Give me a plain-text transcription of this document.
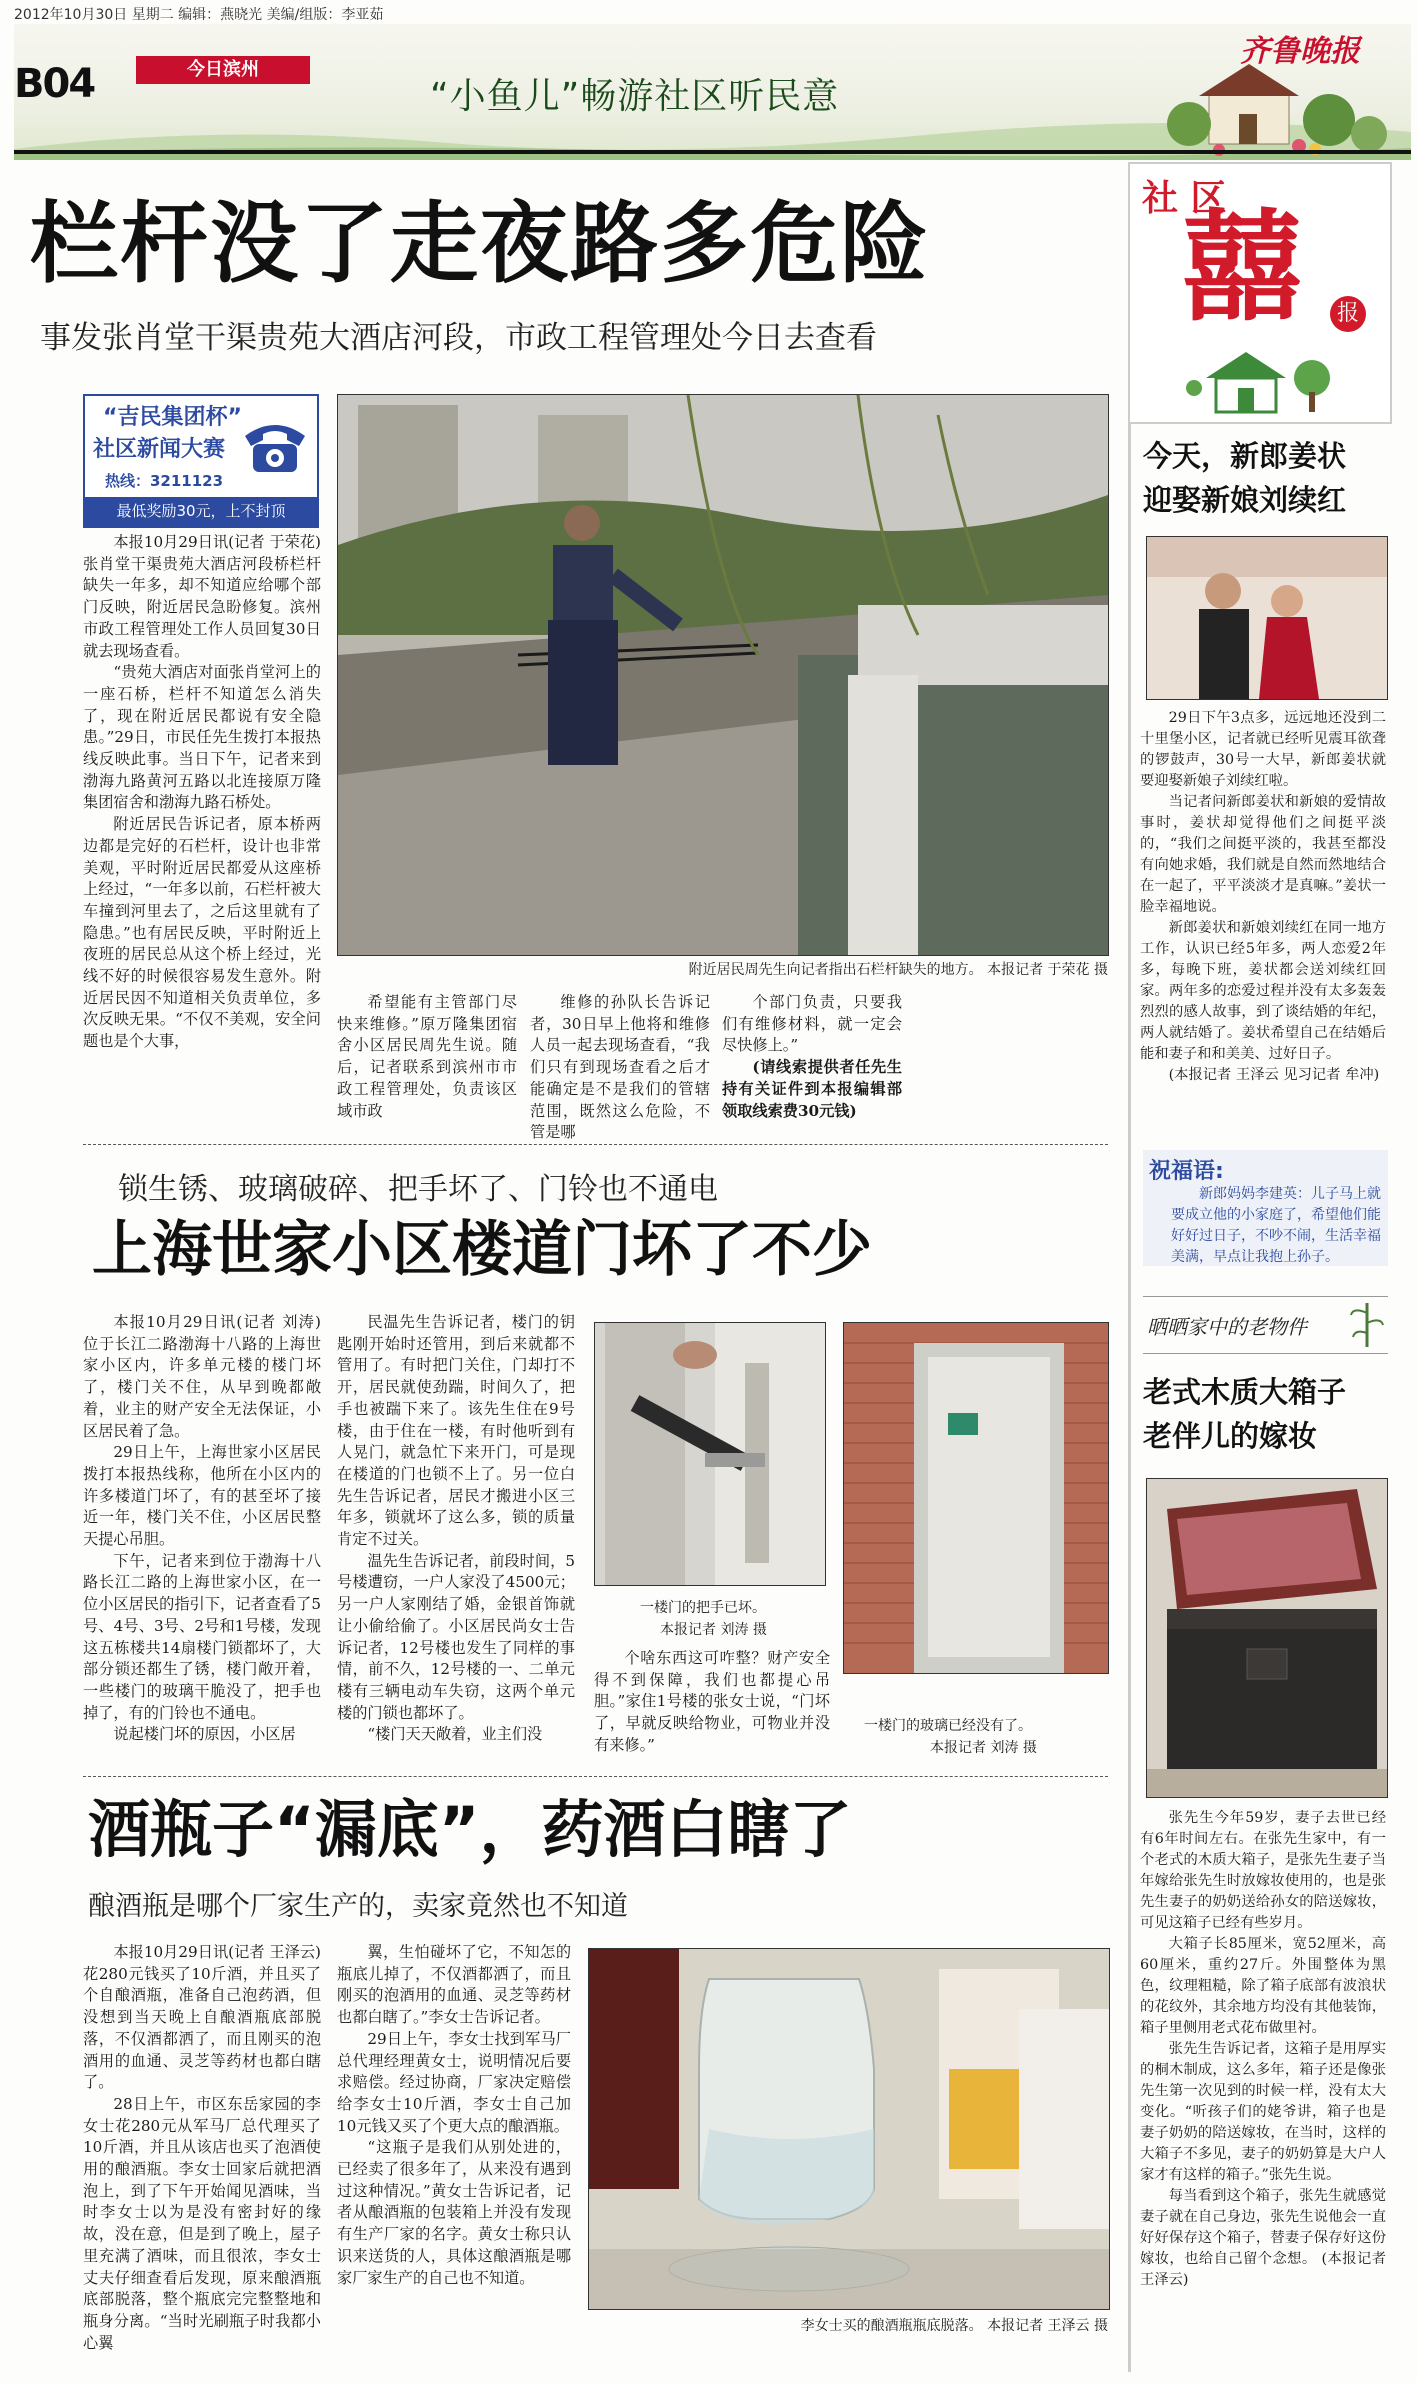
2012年10月30日 星期二 编辑：燕晓光 美编/组版：李亚茹
B04	今日滨州
“小鱼儿”畅游社区听民意
齐鲁晚报
栏杆没了走夜路多危险
事发张肖堂干渠贵苑大酒店河段，市政工程管理处今日去查看
“吉民集团杯”
社区新闻大赛
热线：3211123
最低奖励30元，上不封顶

本报10月29日讯(记者 于荣花) 张肖堂干渠贵苑大酒店河段桥栏杆缺失一年多，却不知道应给哪个部门反映，附近居民急盼修复。滨州市政工程管理处工作人员回复30日就去现场查看。

“贵苑大酒店对面张肖堂河上的一座石桥，栏杆不知道怎么消失了，现在附近居民都说有安全隐患。”29日，市民任先生拨打本报热线反映此事。当日下午，记者来到渤海九路黄河五路以北连接原万隆集团宿舍和渤海九路石桥处。

附近居民告诉记者，原本桥两边都是完好的石栏杆，设计也非常美观，平时附近居民都爱从这座桥上经过，“一年多以前，石栏杆被大车撞到河里去了，之后这里就有了隐患。”也有居民反映，平时附近上夜班的居民总从这个桥上经过，光线不好的时候很容易发生意外。附近居民因不知道相关负责单位，多次反映无果。“不仅不美观，安全问题也是个大事，

附近居民周先生向记者指出石栏杆缺失的地方。 本报记者 于荣花 摄

希望能有主管部门尽快来维修。”原万隆集团宿舍小区居民周先生说。随后，记者联系到滨州市市政工程管理处，负责该区域市政

维修的孙队长告诉记者，30日早上他将和维修人员一起去现场查看，“我们只有到现场查看之后才能确定是不是我们的管辖范围，既然这么危险，不管是哪

个部门负责，只要我们有维修材料，就一定会尽快修上。”

(请线索提供者任先生持有关证件到本报编辑部领取线索费30元钱)

锁生锈、玻璃破碎、把手坏了、门铃也不通电
上海世家小区楼道门坏了不少

本报10月29日讯(记者 刘涛) 位于长江二路渤海十八路的上海世家小区内，许多单元楼的楼门坏了，楼门关不住，从早到晚都敞着，业主的财产安全无法保证，小区居民着了急。

29日上午，上海世家小区居民拨打本报热线称，他所在小区内的许多楼道门坏了，有的甚至坏了接近一年，楼门关不住，小区居民整天提心吊胆。

下午，记者来到位于渤海十八路长江二路的上海世家小区，在一位小区居民的指引下，记者查看了5号、4号、3号、2号和1号楼，发现这五栋楼共14扇楼门锁都坏了，大部分锁还都生了锈，楼门敞开着，一些楼门的玻璃干脆没了，把手也掉了，有的门铃也不通电。

说起楼门坏的原因，小区居

民温先生告诉记者，楼门的钥匙刚开始时还管用，到后来就都不管用了。有时把门关住，门却打不开，居民就使劲踹，时间久了，把手也被踹下来了。该先生住在9号楼，由于住在一楼，有时他听到有人晃门，就急忙下来开门，可是现在楼道的门也锁不上了。另一位白先生告诉记者，居民才搬进小区三年多，锁就坏了这么多，锁的质量肯定不过关。

温先生告诉记者，前段时间，5号楼遭窃，一户人家没了4500元；另一户人家刚结了婚，金银首饰就让小偷给偷了。小区居民尚女士告诉记者，12号楼也发生了同样的事情，前不久，12号楼的一、二单元楼有三辆电动车失窃，这两个单元楼的门锁也都坏了。

“楼门天天敞着，业主们没

一楼门的把手已坏。
本报记者 刘涛 摄

个啥东西这可咋整？财产安全得不到保障，我们也都提心吊胆。”家住1号楼的张女士说，“门坏了，早就反映给物业，可物业并没有来修。”

一楼门的玻璃已经没有了。
本报记者 刘涛 摄
酒瓶子“漏底”，药酒白瞎了
酿酒瓶是哪个厂家生产的，卖家竟然也不知道

本报10月29日讯(记者 王泽云) 花280元钱买了10斤酒，并且买了个自酿酒瓶，准备自己泡药酒，但没想到当天晚上自酿酒瓶底部脱落，不仅酒都洒了，而且刚买的泡酒用的血通、灵芝等药材也都白瞎了。

28日上午，市区东岳家园的李女士花280元从军马厂总代理买了10斤酒，并且从该店也买了泡酒使用的酿酒瓶。李女士回家后就把酒泡上，到了下午开始闻见酒味，当时李女士以为是没有密封好的缘故，没在意，但是到了晚上，屋子里充满了酒味，而且很浓，李女士丈夫仔细查看后发现，原来酿酒瓶底部脱落，整个瓶底完完整整地和瓶身分离。“当时光刷瓶子时我都小心翼

翼，生怕碰坏了它，不知怎的瓶底儿掉了，不仅酒都洒了，而且刚买的泡酒用的血通、灵芝等药材也都白瞎了。”李女士告诉记者。

29日上午，李女士找到军马厂总代理经理黄女士，说明情况后要求赔偿。经过协商，厂家决定赔偿给李女士10斤酒，李女士自己加10元钱又买了个更大点的酿酒瓶。

“这瓶子是我们从别处进的，已经卖了很多年了，从来没有遇到过这种情况。”黄女士告诉记者，记者从酿酒瓶的包装箱上并没有发现有生产厂家的名字。黄女士称只认识来送货的人，具体这酿酒瓶是哪家厂家生产的自己也不知道。

李女士买的酿酒瓶瓶底脱落。 本报记者 王泽云 摄
社 区
囍	报
今天，新郎姜状
迎娶新娘刘续红

29日下午3点多，远远地还没到二十里堡小区，记者就已经听见震耳欲聋的锣鼓声，30号一大早，新郎姜状就要迎娶新娘子刘续红啦。

当记者问新郎姜状和新娘的爱情故事时，姜状却觉得他们之间挺平淡的，“我们之间挺平淡的，我甚至都没有向她求婚，我们就是自然而然地结合在一起了，平平淡淡才是真嘛。”姜状一脸幸福地说。

新郎姜状和新娘刘续红在同一地方工作，认识已经5年多，两人恋爱2年多，每晚下班，姜状都会送刘续红回家。两年多的恋爱过程并没有太多轰轰烈烈的感人故事，到了谈结婚的年纪，两人就结婚了。姜状希望自己在结婚后能和妻子和和美美、过好日子。

(本报记者 王泽云 见习记者 牟冲)

祝福语:
新郎妈妈李建英：儿子马上就要成立他的小家庭了，希望他们能好好过日子，不吵不闹，生活幸福美满，早点让我抱上孙子。
晒晒家中的老物件
老式木质大箱子
老伴儿的嫁妆

张先生今年59岁，妻子去世已经有6年时间左右。在张先生家中，有一个老式的木质大箱子，是张先生妻子当年嫁给张先生时放嫁妆使用的，也是张先生妻子的奶奶送给孙女的陪送嫁妆，可见这箱子已经有些岁月。

大箱子长85厘米，宽52厘米，高60厘米，重约27斤。外围整体为黑色，纹理粗糙，除了箱子底部有波浪状的花纹外，其余地方均没有其他装饰，箱子里侧用老式花布做里衬。

张先生告诉记者，这箱子是用厚实的桐木制成，这么多年，箱子还是像张先生第一次见到的时候一样，没有太大变化。“听孩子们的姥爷讲，箱子也是妻子奶奶的陪送嫁妆，在当时，这样的大箱子不多见，妻子的奶奶算是大户人家才有这样的箱子。”张先生说。

每当看到这个箱子，张先生就感觉妻子就在自己身边，张先生说他会一直好好保存这个箱子，替妻子保存好这份嫁妆，也给自己留个念想。 (本报记者 王泽云)
